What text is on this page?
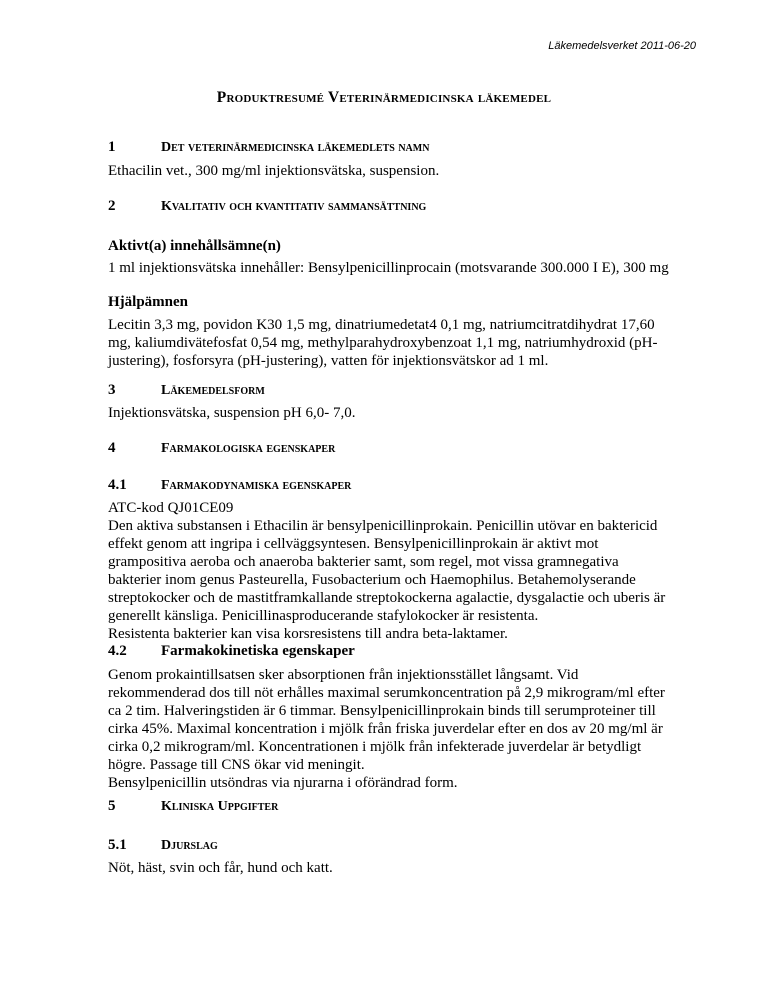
Läkemedelsverket 2011-06-20
Produktresumé Veterinärmedicinska läkemedel
1	Det veterinärmedicinska läkemedlets namn
Ethacilin vet., 300 mg/ml injektionsvätska, suspension.
2	Kvalitativ och kvantitativ sammansättning
Aktivt(a) innehållsämne(n)
1 ml injektionsvätska innehåller: Bensylpenicillinprocain (motsvarande 300.000 I E), 300 mg
Hjälpämnen
Lecitin 3,3 mg, povidon K30 1,5 mg, dinatriumedetat4 0,1 mg, natriumcitratdihydrat 17,60
mg, kaliumdivätefosfat 0,54 mg, methylparahydroxybenzoat 1,1 mg, natriumhydroxid (pH-
justering), fosforsyra (pH-justering), vatten för injektionsvätskor ad 1 ml.
3	Läkemedelsform
Injektionsvätska, suspension pH 6,0- 7,0.
4	Farmakologiska egenskaper
4.1	Farmakodynamiska egenskaper
ATC-kod QJ01CE09
Den aktiva substansen i Ethacilin är bensylpenicillinprokain. Penicillin utövar en baktericid
effekt genom att ingripa i cellväggsyntesen. Bensylpenicillinprokain är aktivt mot
grampositiva aeroba och anaeroba bakterier samt, som regel, mot vissa gramnegativa
bakterier inom genus Pasteurella, Fusobacterium och Haemophilus. Betahemolyserande
streptokocker och de mastitframkallande streptokockerna agalactie, dysgalactie och uberis är
generellt känsliga. Penicillinasproducerande stafylokocker är resistenta.
Resistenta bakterier kan visa korsresistens till andra beta-laktamer.
4.2	Farmakokinetiska egenskaper
Genom prokaintillsatsen sker absorptionen från injektionsstället långsamt. Vid
rekommenderad dos till nöt erhålles maximal serumkoncentration på 2,9 mikrogram/ml efter
ca 2 tim. Halveringstiden är 6 timmar. Bensylpenicillinprokain binds till serumproteiner till
cirka 45%. Maximal koncentration i mjölk från friska juverdelar efter en dos av 20 mg/ml är
cirka 0,2 mikrogram/ml. Koncentrationen i mjölk från infekterade juverdelar är betydligt
högre. Passage till CNS ökar vid meningit.
Bensylpenicillin utsöndras via njurarna i oförändrad form.
5	Kliniska Uppgifter
5.1	Djurslag
Nöt, häst, svin och får, hund och katt.
